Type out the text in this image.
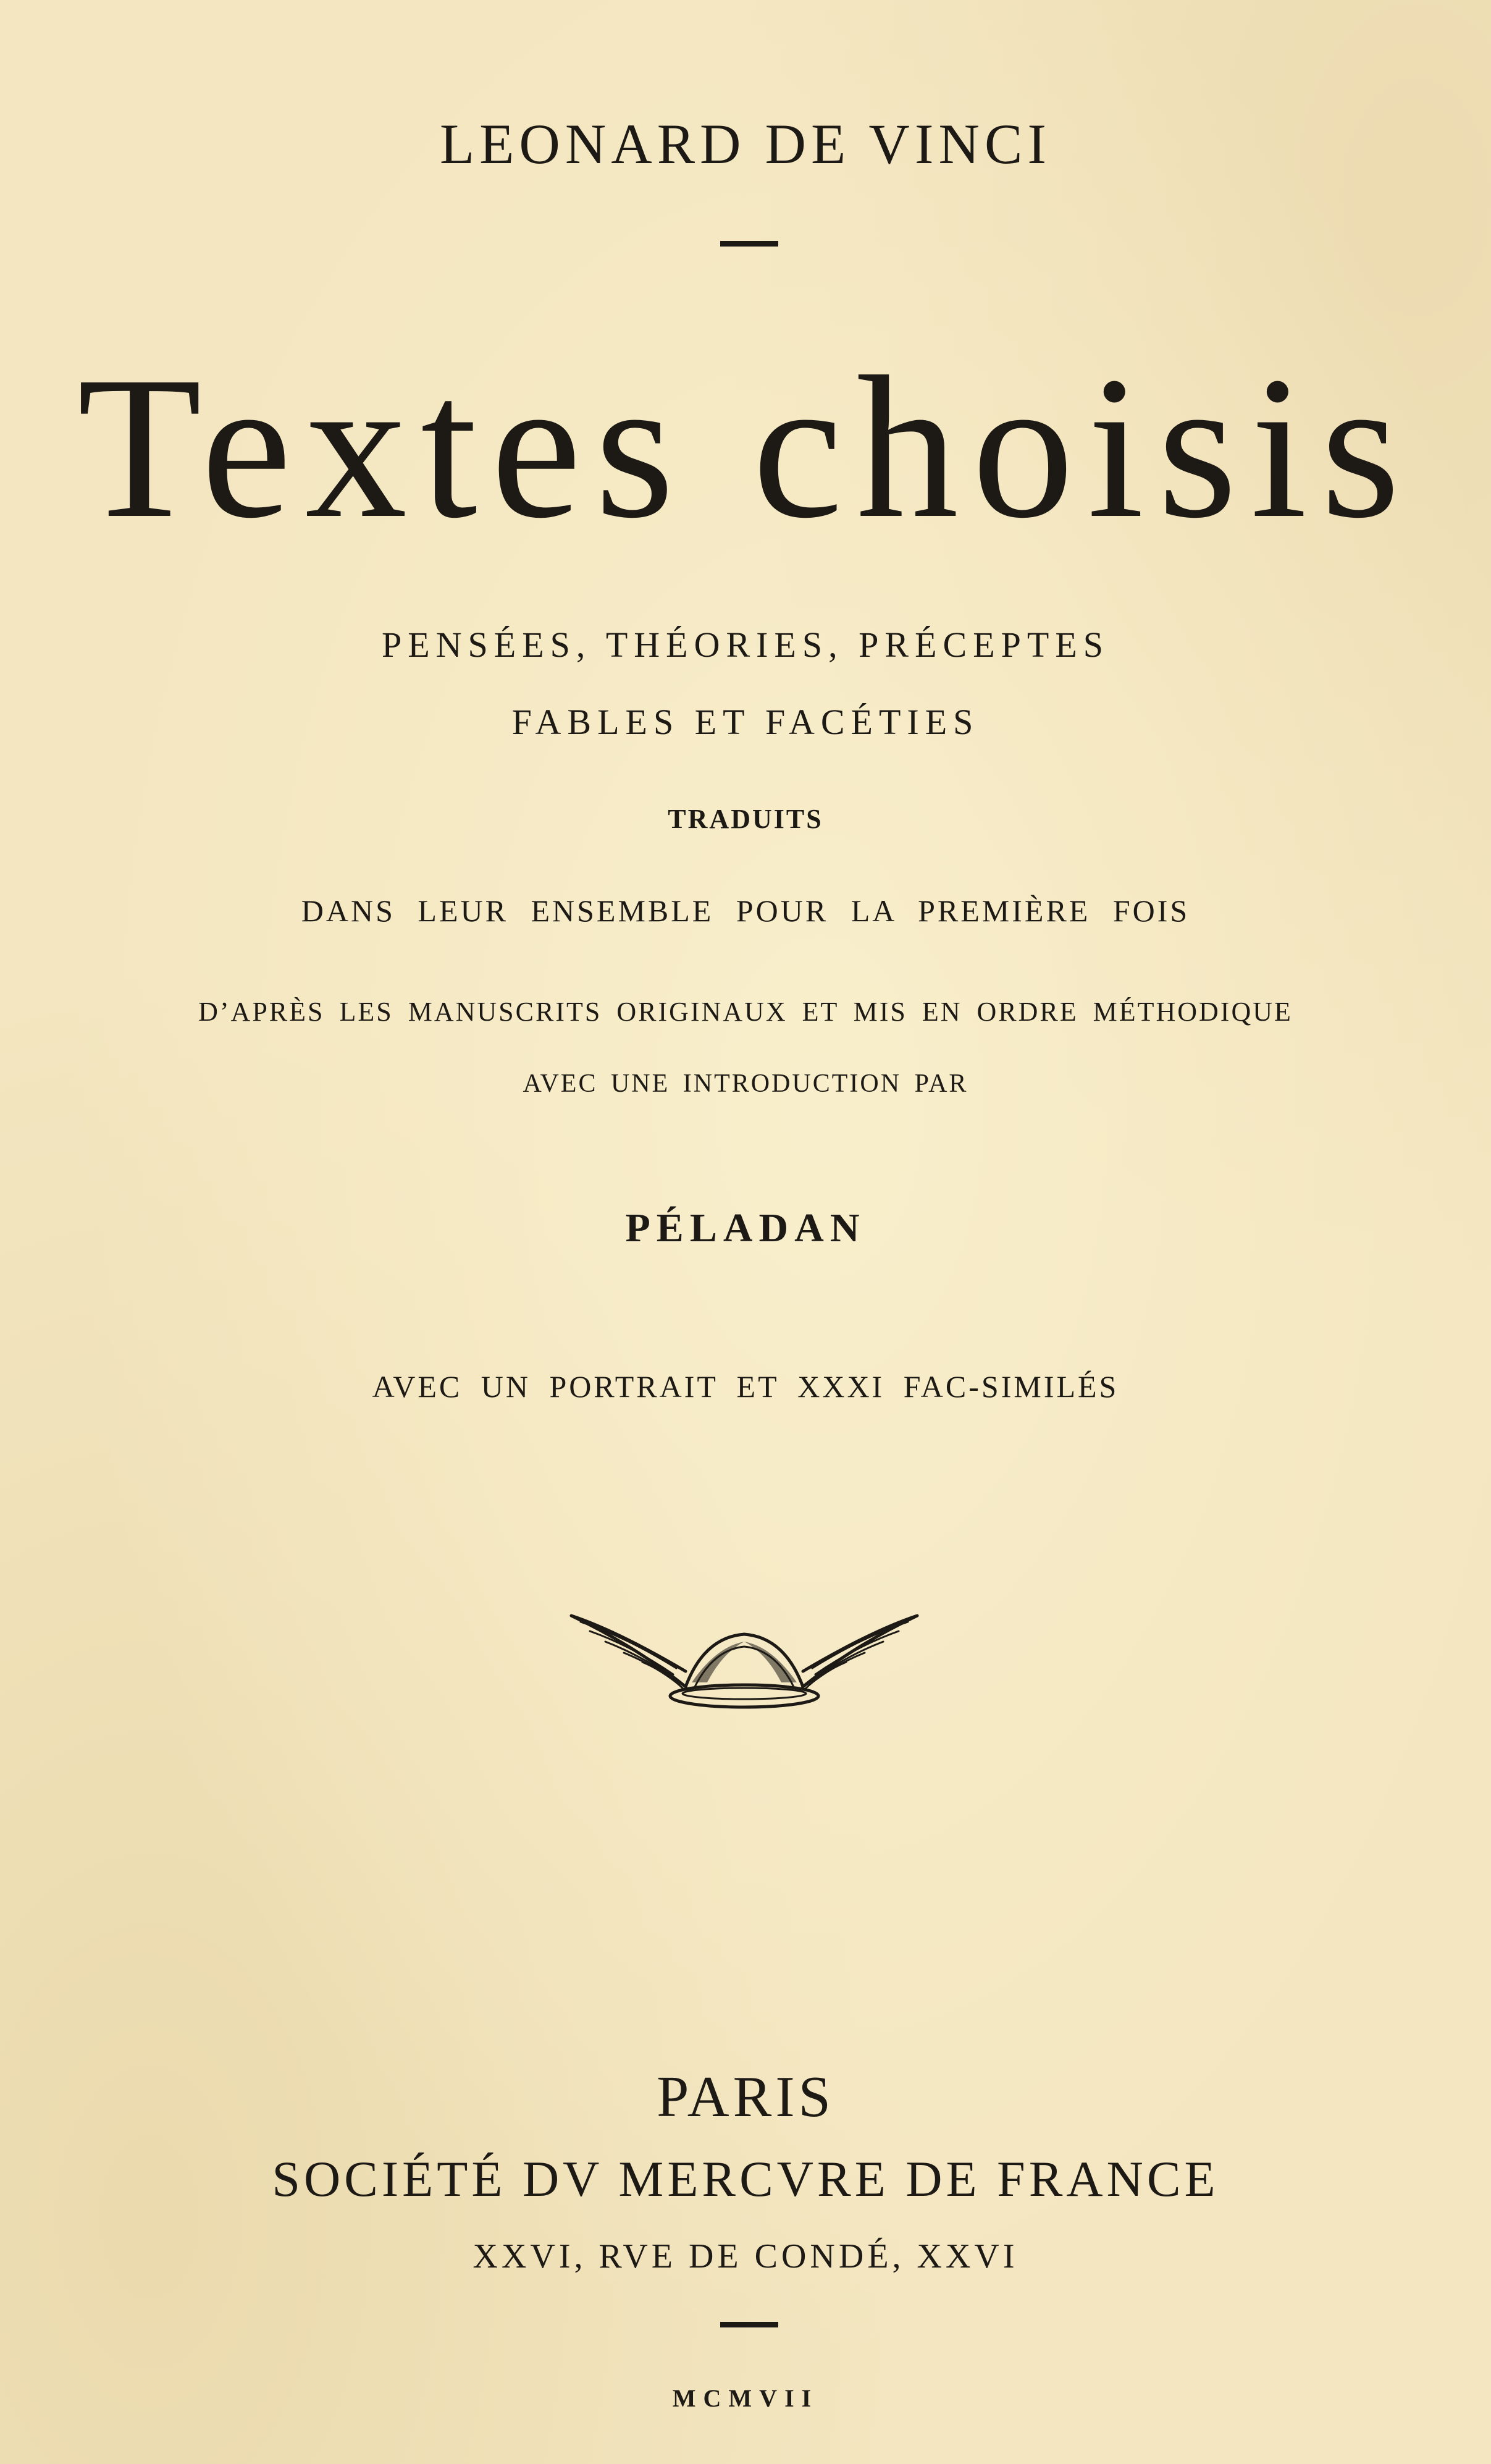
LEONARD DE VINCI
Textes choisis
PENSÉES, THÉORIES, PRÉCEPTES
FABLES ET FACÉTIES
TRADUITS
DANS LEUR ENSEMBLE POUR LA PREMIÈRE FOIS
D’APRÈS LES MANUSCRITS ORIGINAUX ET MIS EN ORDRE MÉTHODIQUE
AVEC UNE INTRODUCTION PAR
PÉLADAN
AVEC UN PORTRAIT ET XXXI FAC-SIMILÉS
PARIS
SOCIÉTÉ DV MERCVRE DE FRANCE
XXVI, RVE DE CONDÉ, XXVI
MCMVII
